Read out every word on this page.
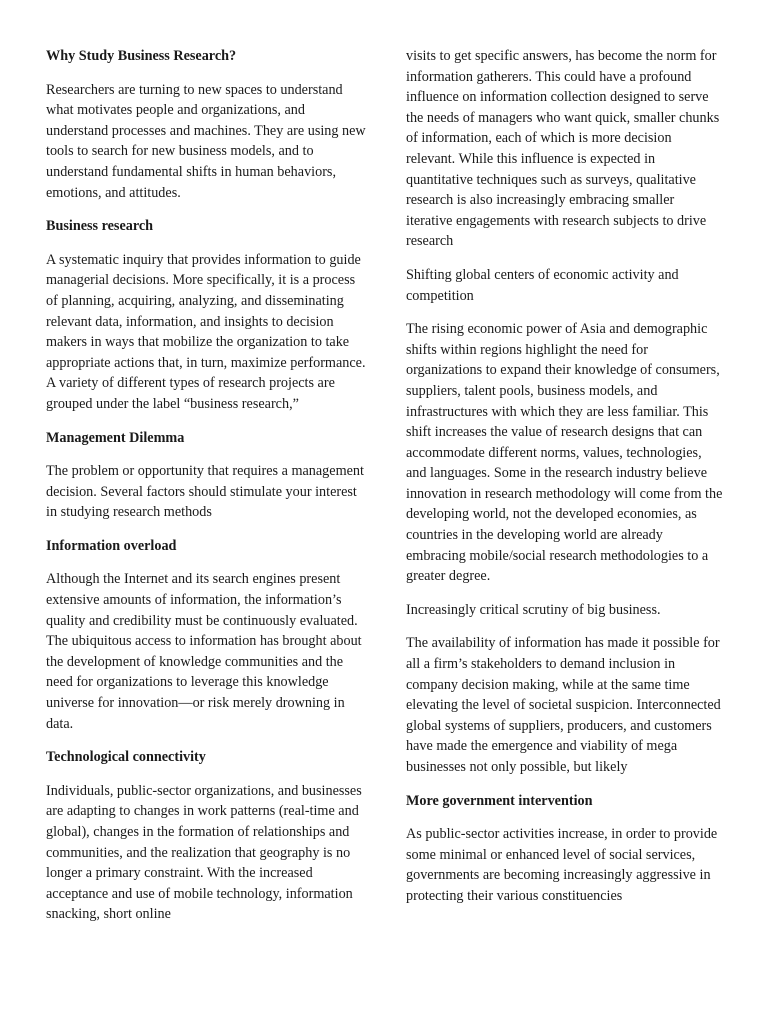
Why Study Business Research?

Researchers are turning to new spaces to understand what motivates people and organizations, and understand processes and machines. They are using new tools to search for new business models, and to understand fundamental shifts in human behaviors, emotions, and attitudes.

Business research

A systematic inquiry that provides information to guide managerial decisions. More specifically, it is a process of planning, acquiring, analyzing, and disseminating relevant data, information, and insights to decision makers in ways that mobilize the organization to take appropriate actions that, in turn, maximize performance. A variety of different types of research projects are grouped under the label “business research,”

Management Dilemma

The problem or opportunity that requires a management decision. Several factors should stimulate your interest in studying research methods

Information overload

Although the Internet and its search engines present extensive amounts of information, the information’s quality and credibility must be continuously evaluated. The ubiquitous access to information has brought about the development of knowledge communities and the need for organizations to leverage this knowledge universe for innovation—or risk merely drowning in data.

Technological connectivity

Individuals, public-sector organizations, and businesses are adapting to changes in work patterns (real-time and global), changes in the formation of relationships and communities, and the realization that geography is no longer a primary constraint. With the increased acceptance and use of mobile technology, information snacking, short online

visits to get specific answers, has become the norm for information gatherers. This could have a profound influence on information collection designed to serve the needs of managers who want quick, smaller chunks of information, each of which is more decision relevant. While this influence is expected in quantitative techniques such as surveys, qualitative research is also increasingly embracing smaller iterative engagements with research subjects to drive research

Shifting global centers of economic activity and competition

The rising economic power of Asia and demographic shifts within regions highlight the need for organizations to expand their knowledge of consumers, suppliers, talent pools, business models, and infrastructures with which they are less familiar. This shift increases the value of research designs that can accommodate different norms, values, technologies, and languages. Some in the research industry believe innovation in research methodology will come from the developing world, not the developed economies, as countries in the developing world are already embracing mobile/social research methodologies to a greater degree.

Increasingly critical scrutiny of big business.

The availability of information has made it possible for all a firm’s stakeholders to demand inclusion in company decision making, while at the same time elevating the level of societal suspicion. Interconnected global systems of suppliers, producers, and customers have made the emergence and viability of mega businesses not only possible, but likely

More government intervention

As public-sector activities increase, in order to provide some minimal or enhanced level of social services, governments are becoming increasingly aggressive in protecting their various constituencies
